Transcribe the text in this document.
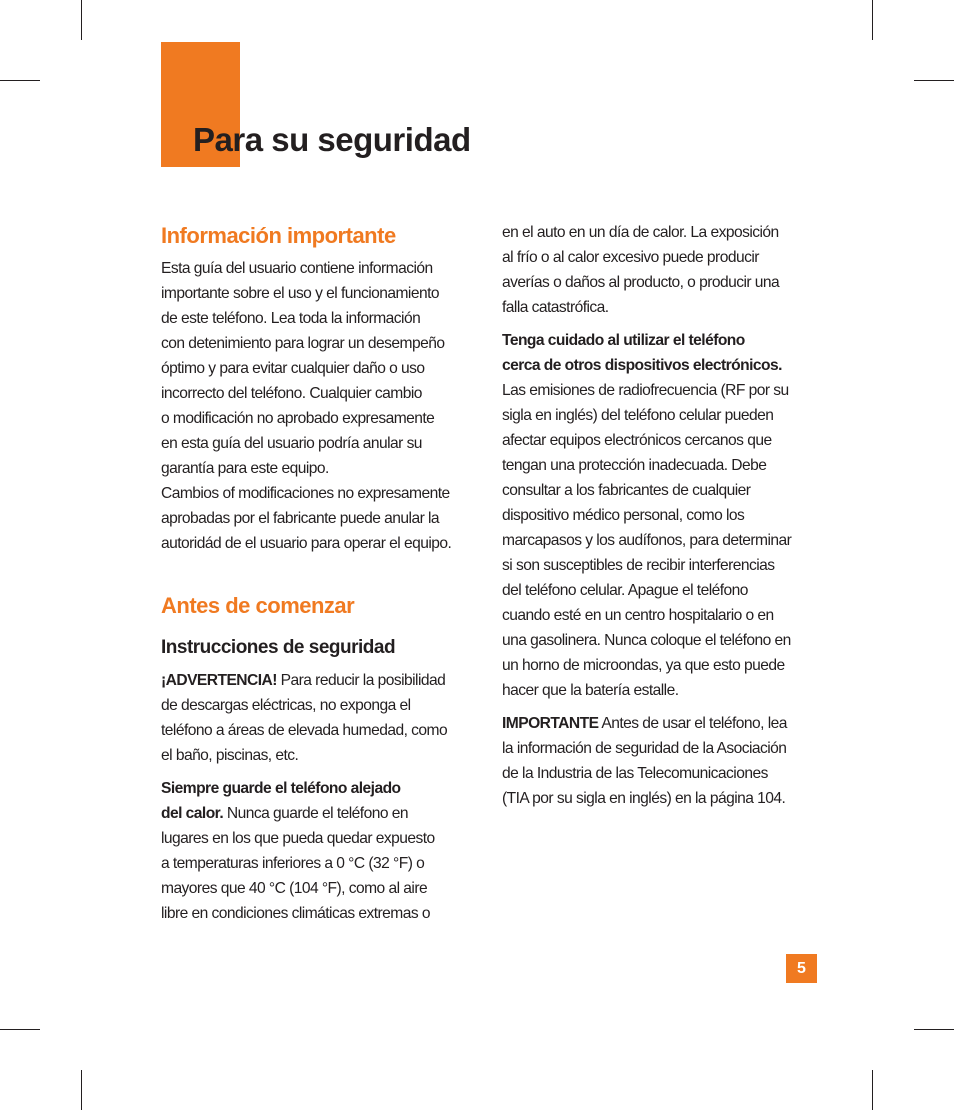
Para su seguridad
Información importante

Esta guía del usuario contiene información
importante sobre el uso y el funcionamiento
de este teléfono. Lea toda la información
con detenimiento para lograr un desempeño
óptimo y para evitar cualquier daño o uso
incorrecto del teléfono. Cualquier cambio
o modificación no aprobado expresamente
en esta guía del usuario podría anular su
garantía para este equipo.
Cambios of modificaciones no expresamente
aprobadas por el fabricante puede anular la
autoridád de el usuario para operar el equipo.

Antes de comenzar
Instrucciones de seguridad

¡ADVERTENCIA! Para reducir la posibilidad
de descargas eléctricas, no exponga el
teléfono a áreas de elevada humedad, como
el baño, piscinas, etc.

Siempre guarde el teléfono alejado
del calor. Nunca guarde el teléfono en
lugares en los que pueda quedar expuesto
a temperaturas inferiores a 0 °C (32 °F) o
mayores que 40 °C (104 °F), como al aire
libre en condiciones climáticas extremas o

en el auto en un día de calor. La exposición
al frío o al calor excesivo puede producir
averías o daños al producto, o producir una
falla catastrófica.

Tenga cuidado al utilizar el teléfono
cerca de otros dispositivos electrónicos.
Las emisiones de radiofrecuencia (RF por su
sigla en inglés) del teléfono celular pueden
afectar equipos electrónicos cercanos que
tengan una protección inadecuada. Debe
consultar a los fabricantes de cualquier
dispositivo médico personal, como los
marcapasos y los audífonos, para determinar
si son susceptibles de recibir interferencias
del teléfono celular. Apague el teléfono
cuando esté en un centro hospitalario o en
una gasolinera. Nunca coloque el teléfono en
un horno de microondas, ya que esto puede
hacer que la batería estalle.

IMPORTANTE Antes de usar el teléfono, lea
la información de seguridad de la Asociación
de la Industria de las Telecomunicaciones
(TIA por su sigla en inglés) en la página 104.

5
